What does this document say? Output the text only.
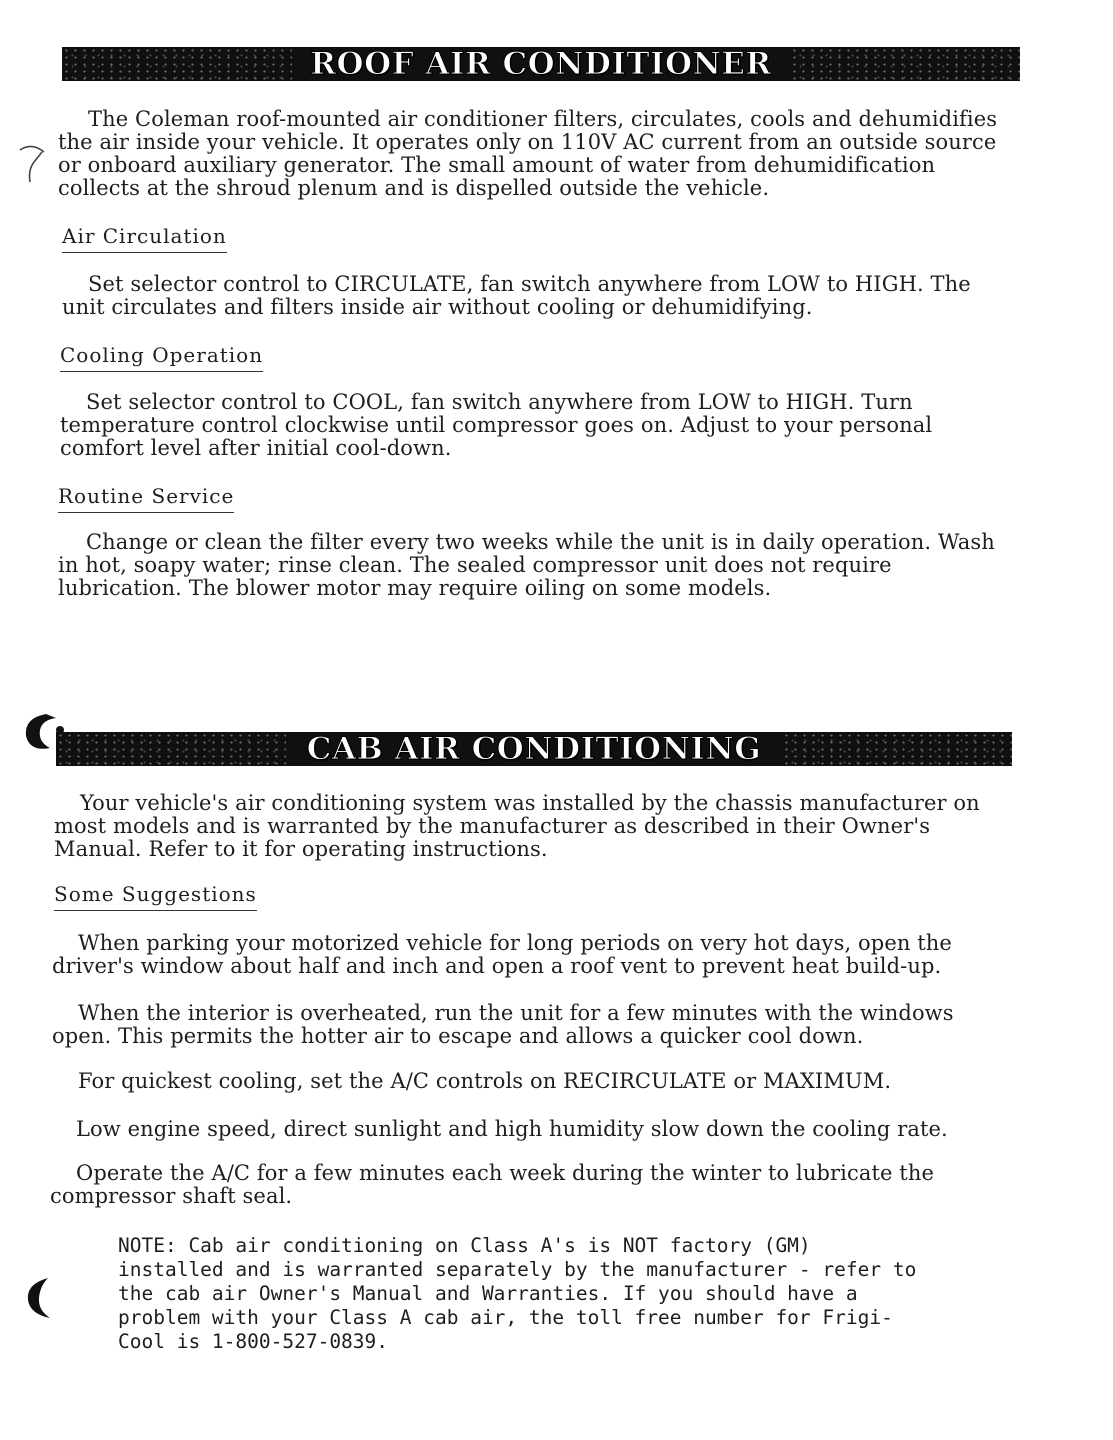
ROOF AIR CONDITIONER

The Coleman roof-mounted air conditioner filters, circulates, cools and dehumidifies the air inside your vehicle. It operates only on 110V AC current from an outside source or onboard auxiliary generator. The small amount of water from dehumidification collects at the shroud plenum and is dispelled outside the vehicle.

Air Circulation

Set selector control to CIRCULATE, fan switch anywhere from LOW to HIGH. The unit circulates and filters inside air without cooling or dehumidifying.

Cooling Operation

Set selector control to COOL, fan switch anywhere from LOW to HIGH. Turn temperature control clockwise until compressor goes on. Adjust to your personal comfort level after initial cool-down.

Routine Service

Change or clean the filter every two weeks while the unit is in daily operation. Wash in hot, soapy water; rinse clean. The sealed compressor unit does not require lubrication. The blower motor may require oiling on some models.

CAB AIR CONDITIONING

Your vehicle's air conditioning system was installed by the chassis manufacturer on most models and is warranted by the manufacturer as described in their Owner's Manual. Refer to it for operating instructions.

Some Suggestions

When parking your motorized vehicle for long periods on very hot days, open the driver's window about half and inch and open a roof vent to prevent heat build-up.

When the interior is overheated, run the unit for a few minutes with the windows open. This permits the hotter air to escape and allows a quicker cool down.

For quickest cooling, set the A/C controls on RECIRCULATE or MAXIMUM.

Low engine speed, direct sunlight and high humidity slow down the cooling rate.

Operate the A/C for a few minutes each week during the winter to lubricate the compressor shaft seal.

NOTE: Cab air conditioning on Class A's is NOT factory (GM) installed and is warranted separately by the manufacturer - refer to the cab air Owner's Manual and Warranties. If you should have a problem with your Class A cab air, the toll free number for Frigi-Cool is 1-800-527-0839.
